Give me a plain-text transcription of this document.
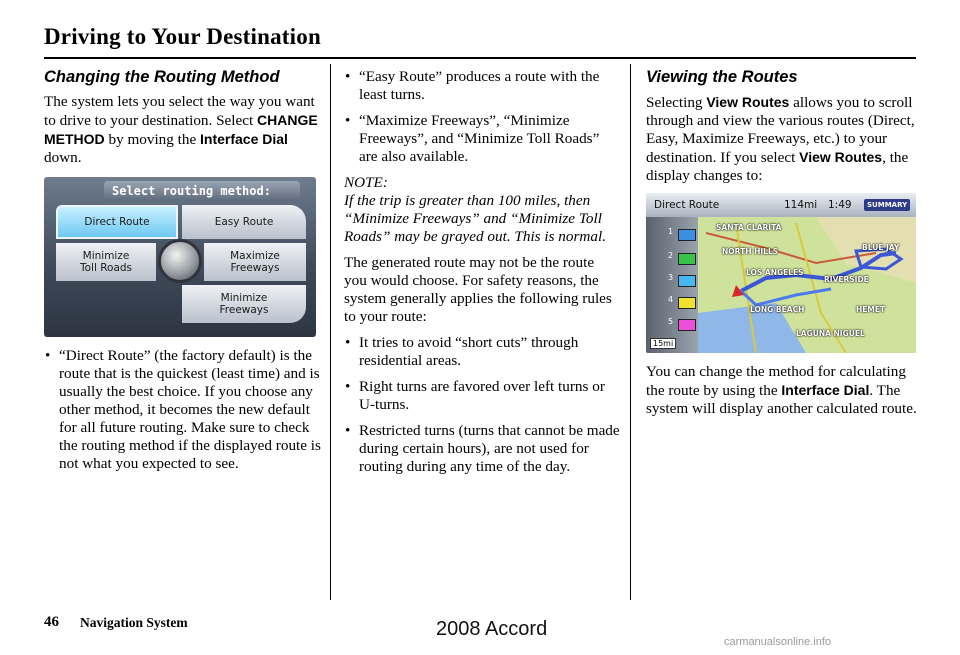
Driving to Your Destination
Changing the Routing Method

The system lets you select the way you want to drive to your destination. Select CHANGE METHOD by moving the Interface Dial down.

Select routing method:
Direct Route	Easy Route
Minimize
Toll Roads
Maximize
Freeways
Minimize
Freeways
• “Direct Route” (the factory default) is the route that is the quickest (least time) and is usually the best choice. If you choose any other method, it becomes the new default for all future routing. Make sure to check the routing method if the displayed route is not what you expected to see.
• “Easy Route” produces a route with the least turns.
• “Maximize Freeways”, “Minimize Freeways”, and “Minimize Toll Roads” are also available.

NOTE:

If the trip is greater than 100 miles, then “Minimize Freeways” and “Minimize Toll Roads” may be grayed out. This is normal.

The generated route may not be the route you would choose. For safety reasons, the system generally applies the following rules to your route:

• It tries to avoid “short cuts” through residential areas.
• Right turns are favored over left turns or U-turns.
• Restricted turns (turns that cannot be made during certain hours), are not used for routing during any time of the day.
Viewing the Routes

Selecting View Routes allows you to scroll through and view the various routes (Direct, Easy, Maximize Freeways, etc.) to your destination. If you select View Routes, the display changes to:

Direct Route	114mi	1:49	SUMMARY
1
2
3
4
5
15mi
SANTA CLARITA
NORTH HILLS
LOS ANGELES
RIVERSIDE
LONG BEACH	HEMET
LAGUNA NIGUEL
BLUE JAY

You can change the method for calculating the route by using the Interface Dial. The system will display another calculated route.

46 Navigation System	2008 Accord
carmanualsonline.info
